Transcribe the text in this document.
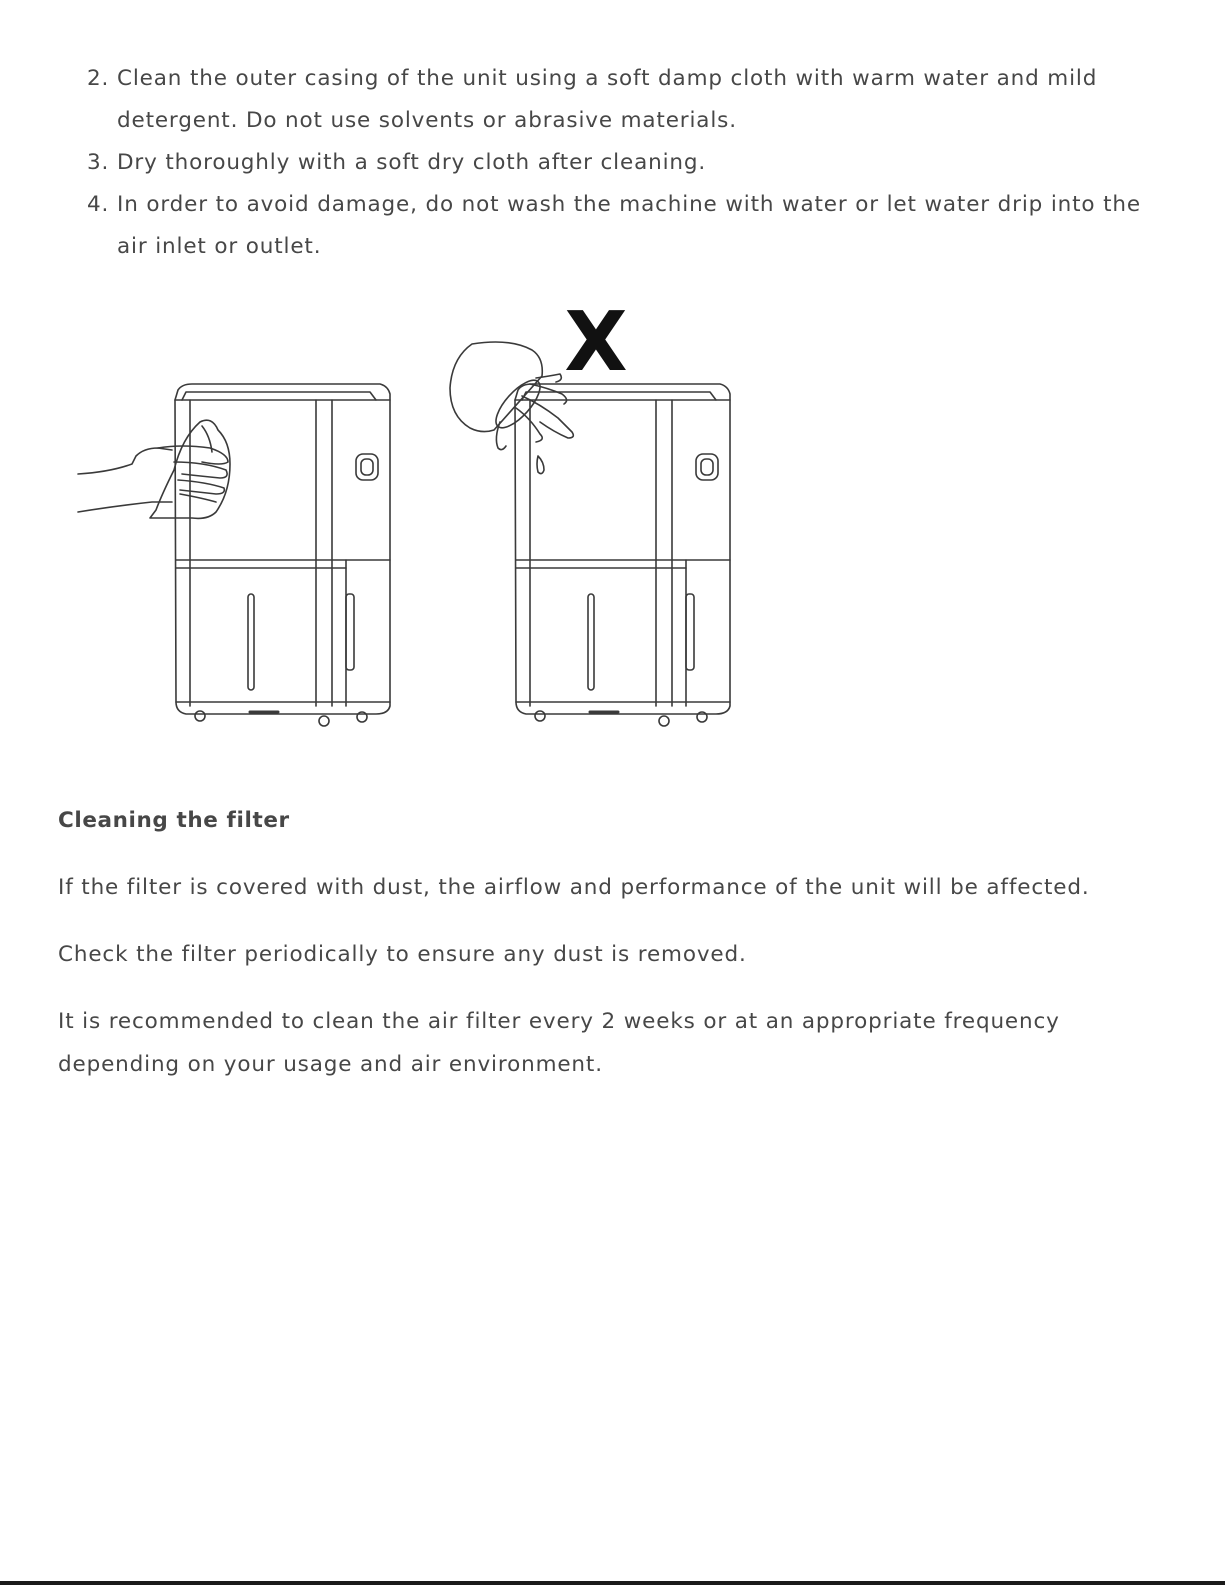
2. Clean the outer casing of the unit using a soft damp cloth with warm water and mild detergent. Do not use solvents or abrasive materials.
3. Dry thoroughly with a soft dry cloth after cleaning.
4. In order to avoid damage, do not wash the machine with water or let water drip into the air inlet or outlet.
X
Cleaning the filter

If the filter is covered with dust, the airflow and performance of the unit will be affected.

Check the filter periodically to ensure any dust is removed.

It is recommended to clean the air filter every 2 weeks or at an appropriate frequency depending on your usage and air environment.
